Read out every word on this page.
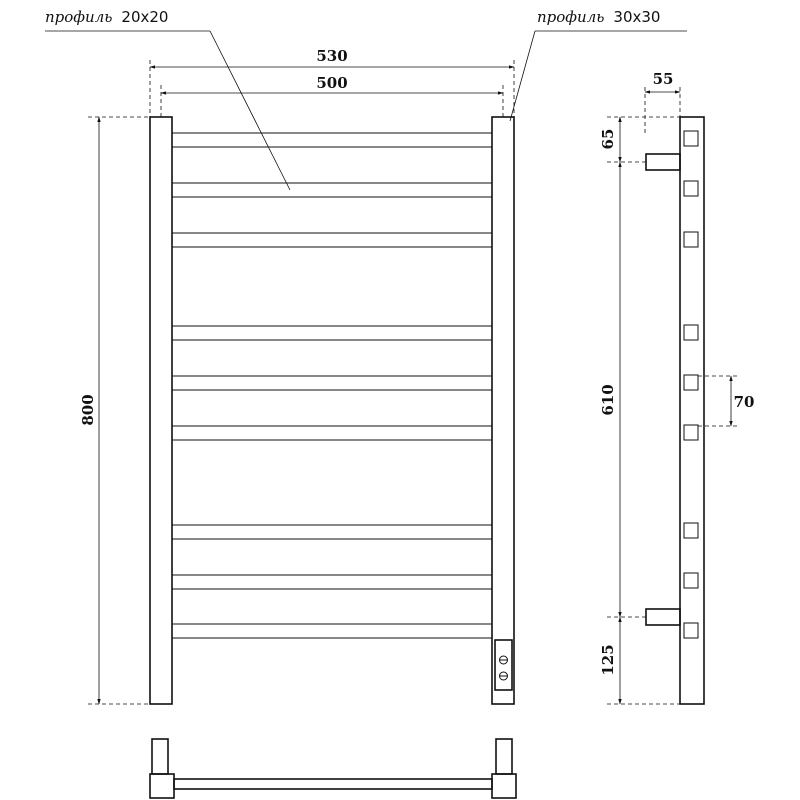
530
500
800
профиль 20x20	профиль 30x30
55
65
610
125
70
